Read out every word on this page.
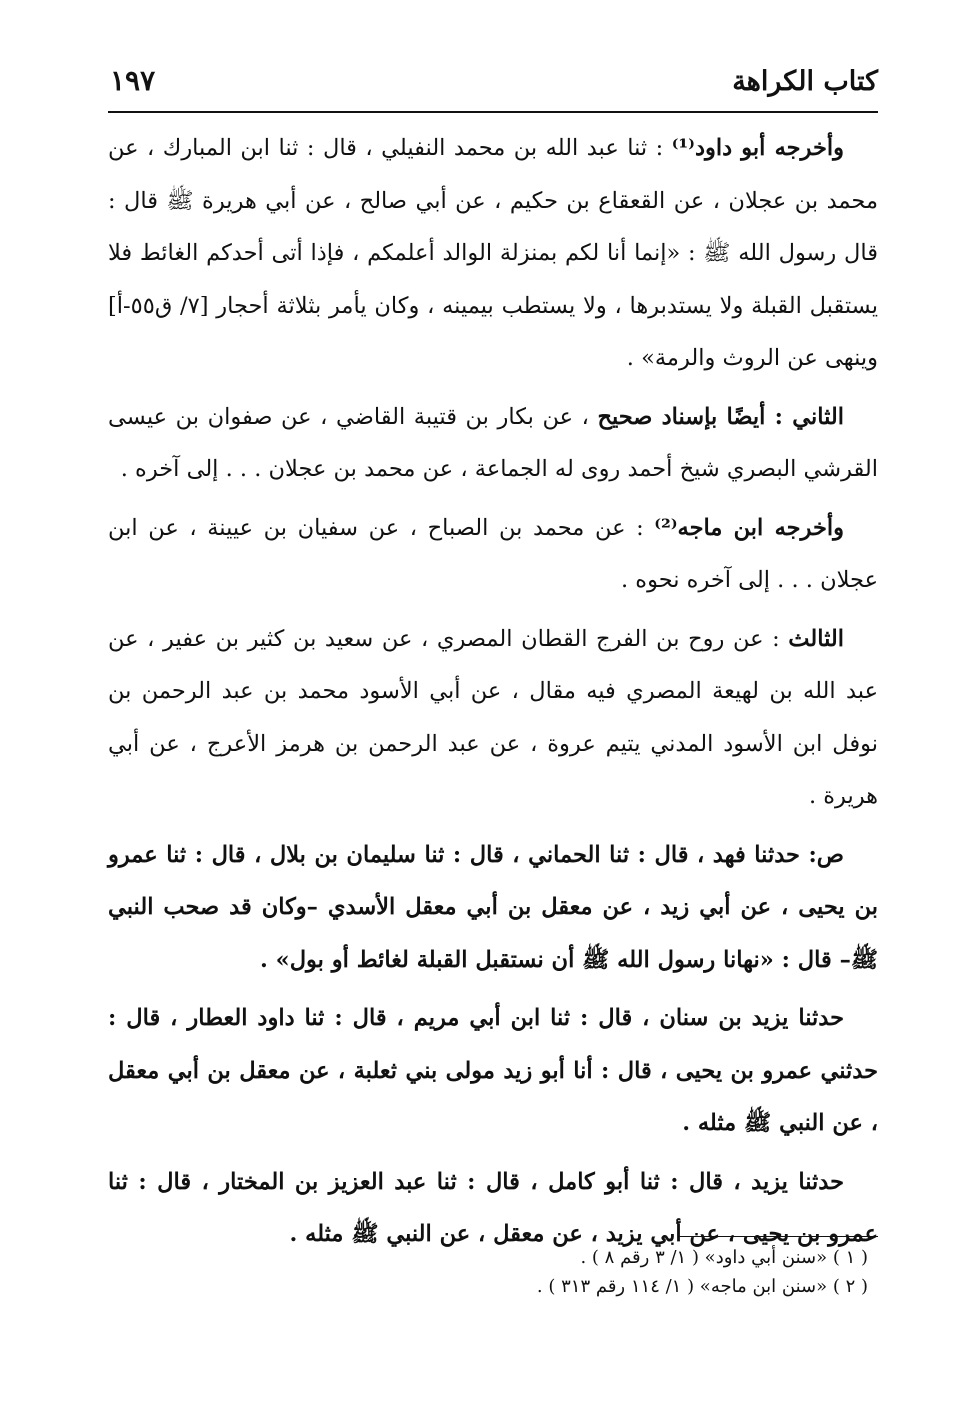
كتاب الكراهة
١٩٧

وأخرجه أبو داود⁽¹⁾ : ثنا عبد الله بن محمد النفيلي ، قال : ثنا ابن المبارك ، عن محمد بن عجلان ، عن القعقاع بن حكيم ، عن أبي صالح ، عن أبي هريرة ﷺ قال : قال رسول الله ﷺ : «إنما أنا لكم بمنزلة الوالد أعلمكم ، فإذا أتى أحدكم الغائط فلا يستقبل القبلة ولا يستدبرها ، ولا يستطب بيمينه ، وكان يأمر بثلاثة أحجار [٧/ ق٥٥-أ] وينهى عن الروث والرمة» .

الثاني : أيضًا بإسناد صحيح ، عن بكار بن قتيبة القاضي ، عن صفوان بن عيسى القرشي البصري شيخ أحمد روى له الجماعة ، عن محمد بن عجلان . . . إلى آخره .

وأخرجه ابن ماجه⁽²⁾ : عن محمد بن الصباح ، عن سفيان بن عيينة ، عن ابن عجلان . . . إلى آخره نحوه .

الثالث : عن روح بن الفرج القطان المصري ، عن سعيد بن كثير بن عفير ، عن عبد الله بن لهيعة المصري فيه مقال ، عن أبي الأسود محمد بن عبد الرحمن بن نوفل ابن الأسود المدني يتيم عروة ، عن عبد الرحمن بن هرمز الأعرج ، عن أبي هريرة .

ص: حدثنا فهد ، قال : ثنا الحماني ، قال : ثنا سليمان بن بلال ، قال : ثنا عمرو بن يحيى ، عن أبي زيد ، عن معقل بن أبي معقل الأسدي –وكان قد صحب النبي ﷺ– قال : «نهانا رسول الله ﷺ أن نستقبل القبلة لغائط أو بول» .

حدثنا يزيد بن سنان ، قال : ثنا ابن أبي مريم ، قال : ثنا داود العطار ، قال : حدثني عمرو بن يحيى ، قال : أنا أبو زيد مولى بني ثعلبة ، عن معقل بن أبي معقل ، عن النبي ﷺ مثله .

حدثنا يزيد ، قال : ثنا أبو كامل ، قال : ثنا عبد العزيز بن المختار ، قال : ثنا عمرو بن يحيى ، عن أبي يزيد ، عن معقل ، عن النبي ﷺ مثله .

( ١ ) «سنن أبي داود» ( ١/ ٣ رقم ٨ ) .

( ٢ ) «سنن ابن ماجه» ( ١/ ١١٤ رقم ٣١٣ ) .
